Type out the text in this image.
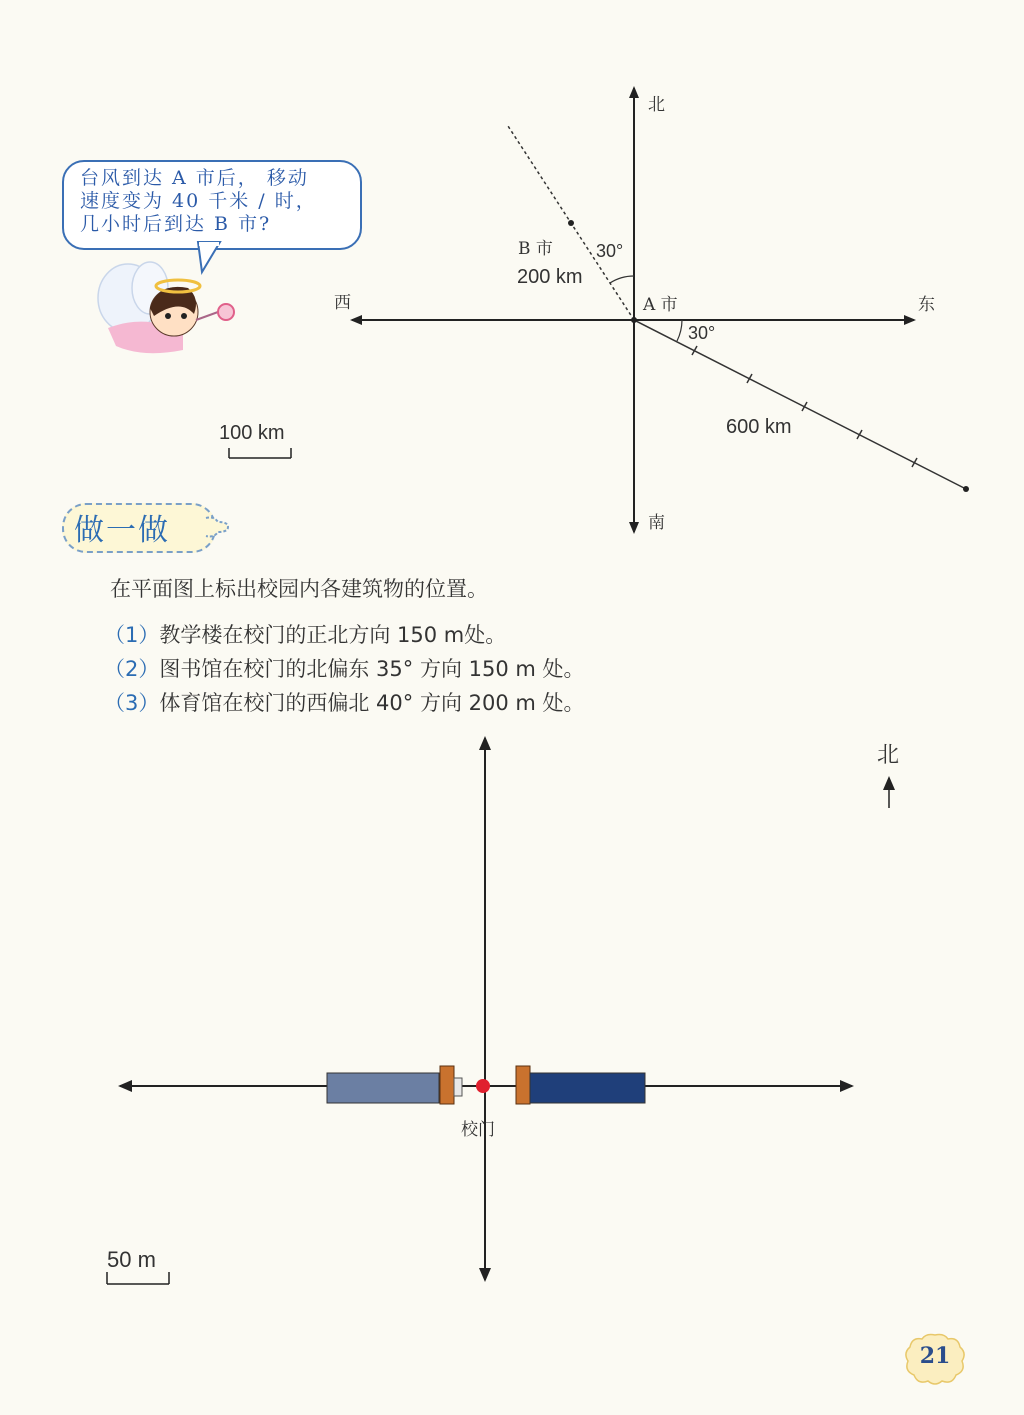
台风到达 A 市后， 移动
速度变为 40 千米 / 时，
几小时后到达 B 市?
北
南
东
西	A 市
B 市 30°
30°
200 km
600 km
100 km
做一做
在平面图上标出校园内各建筑物的位置。
（1）教学楼在校门的正北方向 150 m处。
（2）图书馆在校门的北偏东 35° 方向 150 m 处。
（3）体育馆在校门的西偏北 40° 方向 200 m 处。
北
校门
50 m
21
